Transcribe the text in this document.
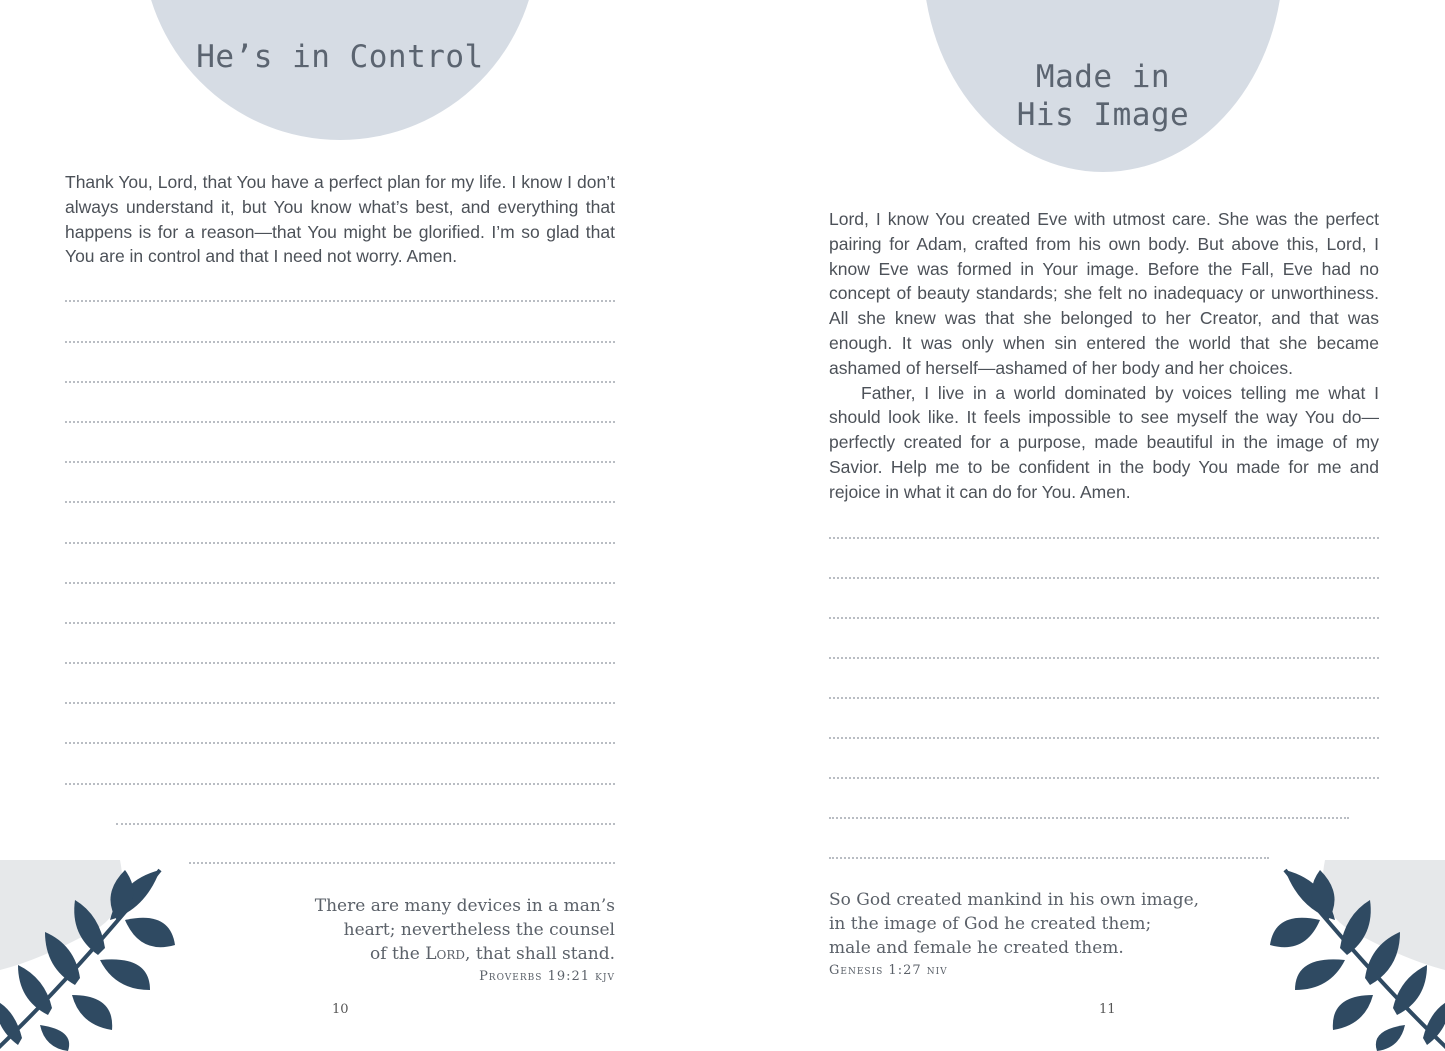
He’s in Control

Thank You, Lord, that You have a perfect plan for my life. I know I don’t always understand it, but You know what’s best, and everything that happens is for a reason—that You might be glorified. I’m so glad that You are in control and that I need not worry. Amen.

There are many devices in a man’s
heart; nevertheless the counsel
of the Lord, that shall stand.
Proverbs 19:21 kjv
10
Made in
His Image

Lord, I know You created Eve with utmost care. She was the perfect pairing for Adam, crafted from his own body. But above this, Lord, I know Eve was formed in Your image. Before the Fall, Eve had no concept of beauty standards; she felt no inadequacy or unworthiness. All she knew was that she belonged to her Creator, and that was enough. It was only when sin entered the world that she became ashamed of herself—ashamed of her body and her choices.

Father, I live in a world dominated by voices telling me what I should look like. It feels impossible to see myself the way You do—perfectly created for a purpose, made beautiful in the image of my Savior. Help me to be confident in the body You made for me and rejoice in what it can do for You. Amen.

So God created mankind in his own image,
in the image of God he created them;
male and female he created them.
Genesis 1:27 niv
11
